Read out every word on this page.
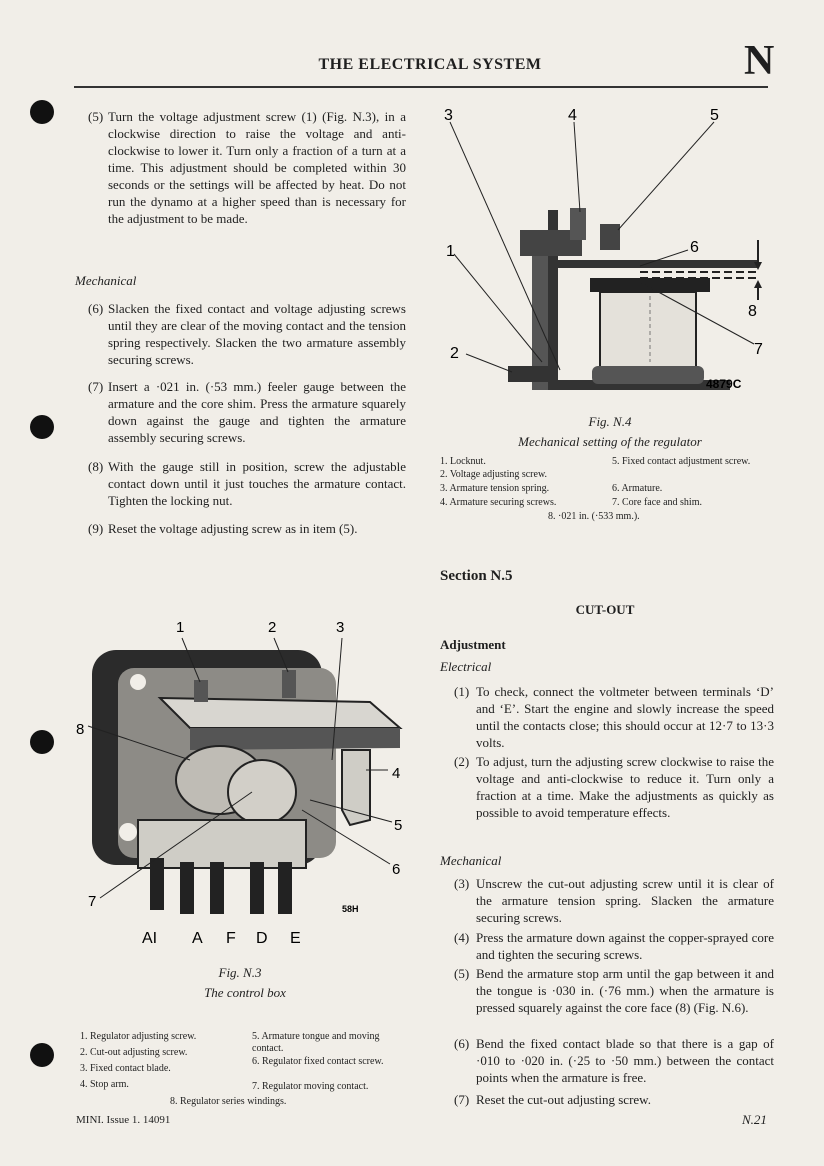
THE ELECTRICAL SYSTEM	N
(5) Turn the voltage adjustment screw (1) (Fig. N.3), in a clockwise direction to raise the voltage and anti-clockwise to lower it. Turn only a fraction of a turn at a time. This adjustment should be completed within 30 seconds or the settings will be affected by heat. Do not run the dynamo at a higher speed than is necessary for the adjustment to be made.
Mechanical
(6) Slacken the fixed contact and voltage adjusting screws until they are clear of the moving contact and the tension spring respectively. Slacken the two armature assembly securing screws.
(7) Insert a ·021 in. (·53 mm.) feeler gauge between the armature and the core shim. Press the armature squarely down against the gauge and tighten the armature assembly securing screws.
(8) With the gauge still in position, screw the adjustable contact down until it just touches the armature contact. Tighten the locking nut.
(9) Reset the voltage adjusting screw as in item (5).
1	2	3
8
4
5
6
7
AI A F D E
58H
Fig. N.3
The control box
1. Regulator adjusting screw.
2. Cut-out adjusting screw.
3. Fixed contact blade.
4. Stop arm.
5. Armature tongue and moving contact.
6. Regulator fixed contact screw.
7. Regulator moving contact.
8. Regulator series windings.
3	4	5
1	6
8
2	7
4879C
Fig. N.4
Mechanical setting of the regulator
1. Locknut.
2. Voltage adjusting screw.
3. Armature tension spring.
4. Armature securing screws.
5. Fixed contact adjustment screw.
6. Armature.
7. Core face and shim.
8. ·021 in. (·533 mm.).
Section N.5
CUT-OUT
Adjustment
Electrical
(1) To check, connect the voltmeter between terminals ‘D’ and ‘E’. Start the engine and slowly increase the speed until the contacts close; this should occur at 12·7 to 13·3 volts.
(2) To adjust, turn the adjusting screw clockwise to raise the voltage and anti-clockwise to reduce it. Turn only a fraction at a time. Make the adjustments as quickly as possible to avoid temperature effects.
Mechanical
(3) Unscrew the cut-out adjusting screw until it is clear of the armature tension spring. Slacken the armature securing screws.
(4) Press the armature down against the copper-sprayed core and tighten the securing screws.
(5) Bend the armature stop arm until the gap between it and the tongue is ·030 in. (·76 mm.) when the armature is pressed squarely against the core face (8) (Fig. N.6).
(6) Bend the fixed contact blade so that there is a gap of ·010 to ·020 in. (·25 to ·50 mm.) between the contact points when the armature is free.
(7) Reset the cut-out adjusting screw.
MINI. Issue 1. 14091	N.21
